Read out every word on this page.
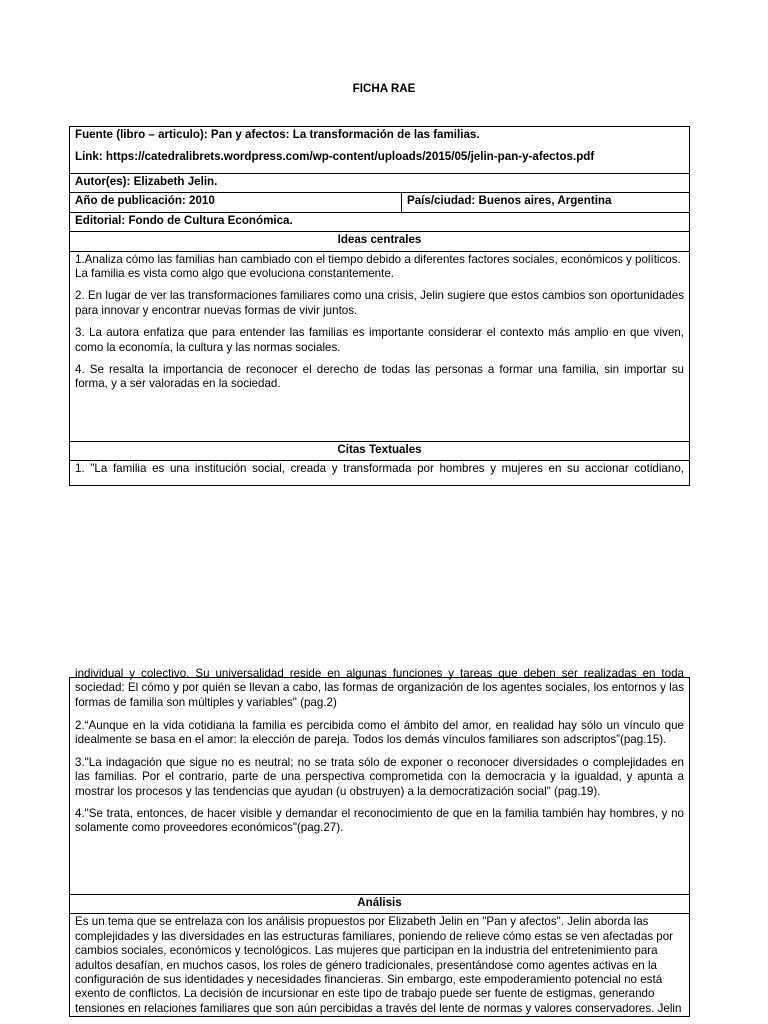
FICHA RAE
Fuente (libro – articulo): Pan y afectos: La transformación de las familias.
Link: https://catedralibrets.wordpress.com/wp-content/uploads/2015/05/jelin-pan-y-afectos.pdf

Autor(es): Elizabeth Jelin.
Año de publicación: 2010	País/ciudad: Buenos aires, Argentina
Editorial: Fondo de Cultura Económica.
Ideas centrales

1.Analiza cómo las familias han cambiado con el tiempo debido a diferentes factores sociales, económicos y políticos. La familia es vista como algo que evoluciona constantemente.

2. En lugar de ver las transformaciones familiares como una crisis, Jelin sugiere que estos cambios son oportunidades para innovar y encontrar nuevas formas de vivir juntos.

3. La autora enfatiza que para entender las familias es importante considerar el contexto más amplio en que viven, como la economía, la cultura y las normas sociales.

4. Se resalta la importancia de reconocer el derecho de todas las personas a formar una familia, sin importar su forma, y a ser valoradas en la sociedad.

Citas Textuales

1. "La familia es una institución social, creada y transformada por hombres y mujeres en su accionar cotidiano,
individual y colectivo. Su universalidad reside en algunas funciones y tareas que deben ser realizadas en toda sociedad: El cómo y por quién se llevan a cabo, las formas de organización de los agentes sociales, los entornos y las formas de familia son múltiples y variables" (pag.2)

2.“Aunque en la vida cotidiana la familia es percibida como el ámbito del amor, en realidad hay sólo un vínculo que idealmente se basa en el amor: la elección de pareja. Todos los demás vínculos familiares son adscriptos”(pag.15).

3."La indagación que sigue no es neutral; no se trata sólo de exponer o reconocer diversidades o complejidades en las familias. Por el contrario, parte de una perspectiva comprometida con la democracia y la igualdad, y apunta a mostrar los procesos y las tendencias que ayudan (u obstruyen) a la democratización social" (pag.19).

4."Se trata, entonces, de hacer visible y demandar el reconocimiento de que en la familia también hay hombres, y no solamente como proveedores económicos"(pag.27).

Análisis

Es un tema que se entrelaza con los análisis propuestos por Elizabeth Jelin en "Pan y afectos". Jelin aborda las
complejidades y las diversidades en las estructuras familiares, poniendo de relieve cómo estas se ven afectadas por
cambios sociales, económicos y tecnológicos. Las mujeres que participan en la industria del entretenimiento para
adultos desafían, en muchos casos, los roles de género tradicionales, presentándose como agentes activas en la
configuración de sus identidades y necesidades financieras. Sin embargo, este empoderamiento potencial no está
exento de conflictos. La decisión de incursionar en este tipo de trabajo puede ser fuente de estigmas, generando
tensiones en relaciones familiares que son aún percibidas a través del lente de normas y valores conservadores. Jelin
